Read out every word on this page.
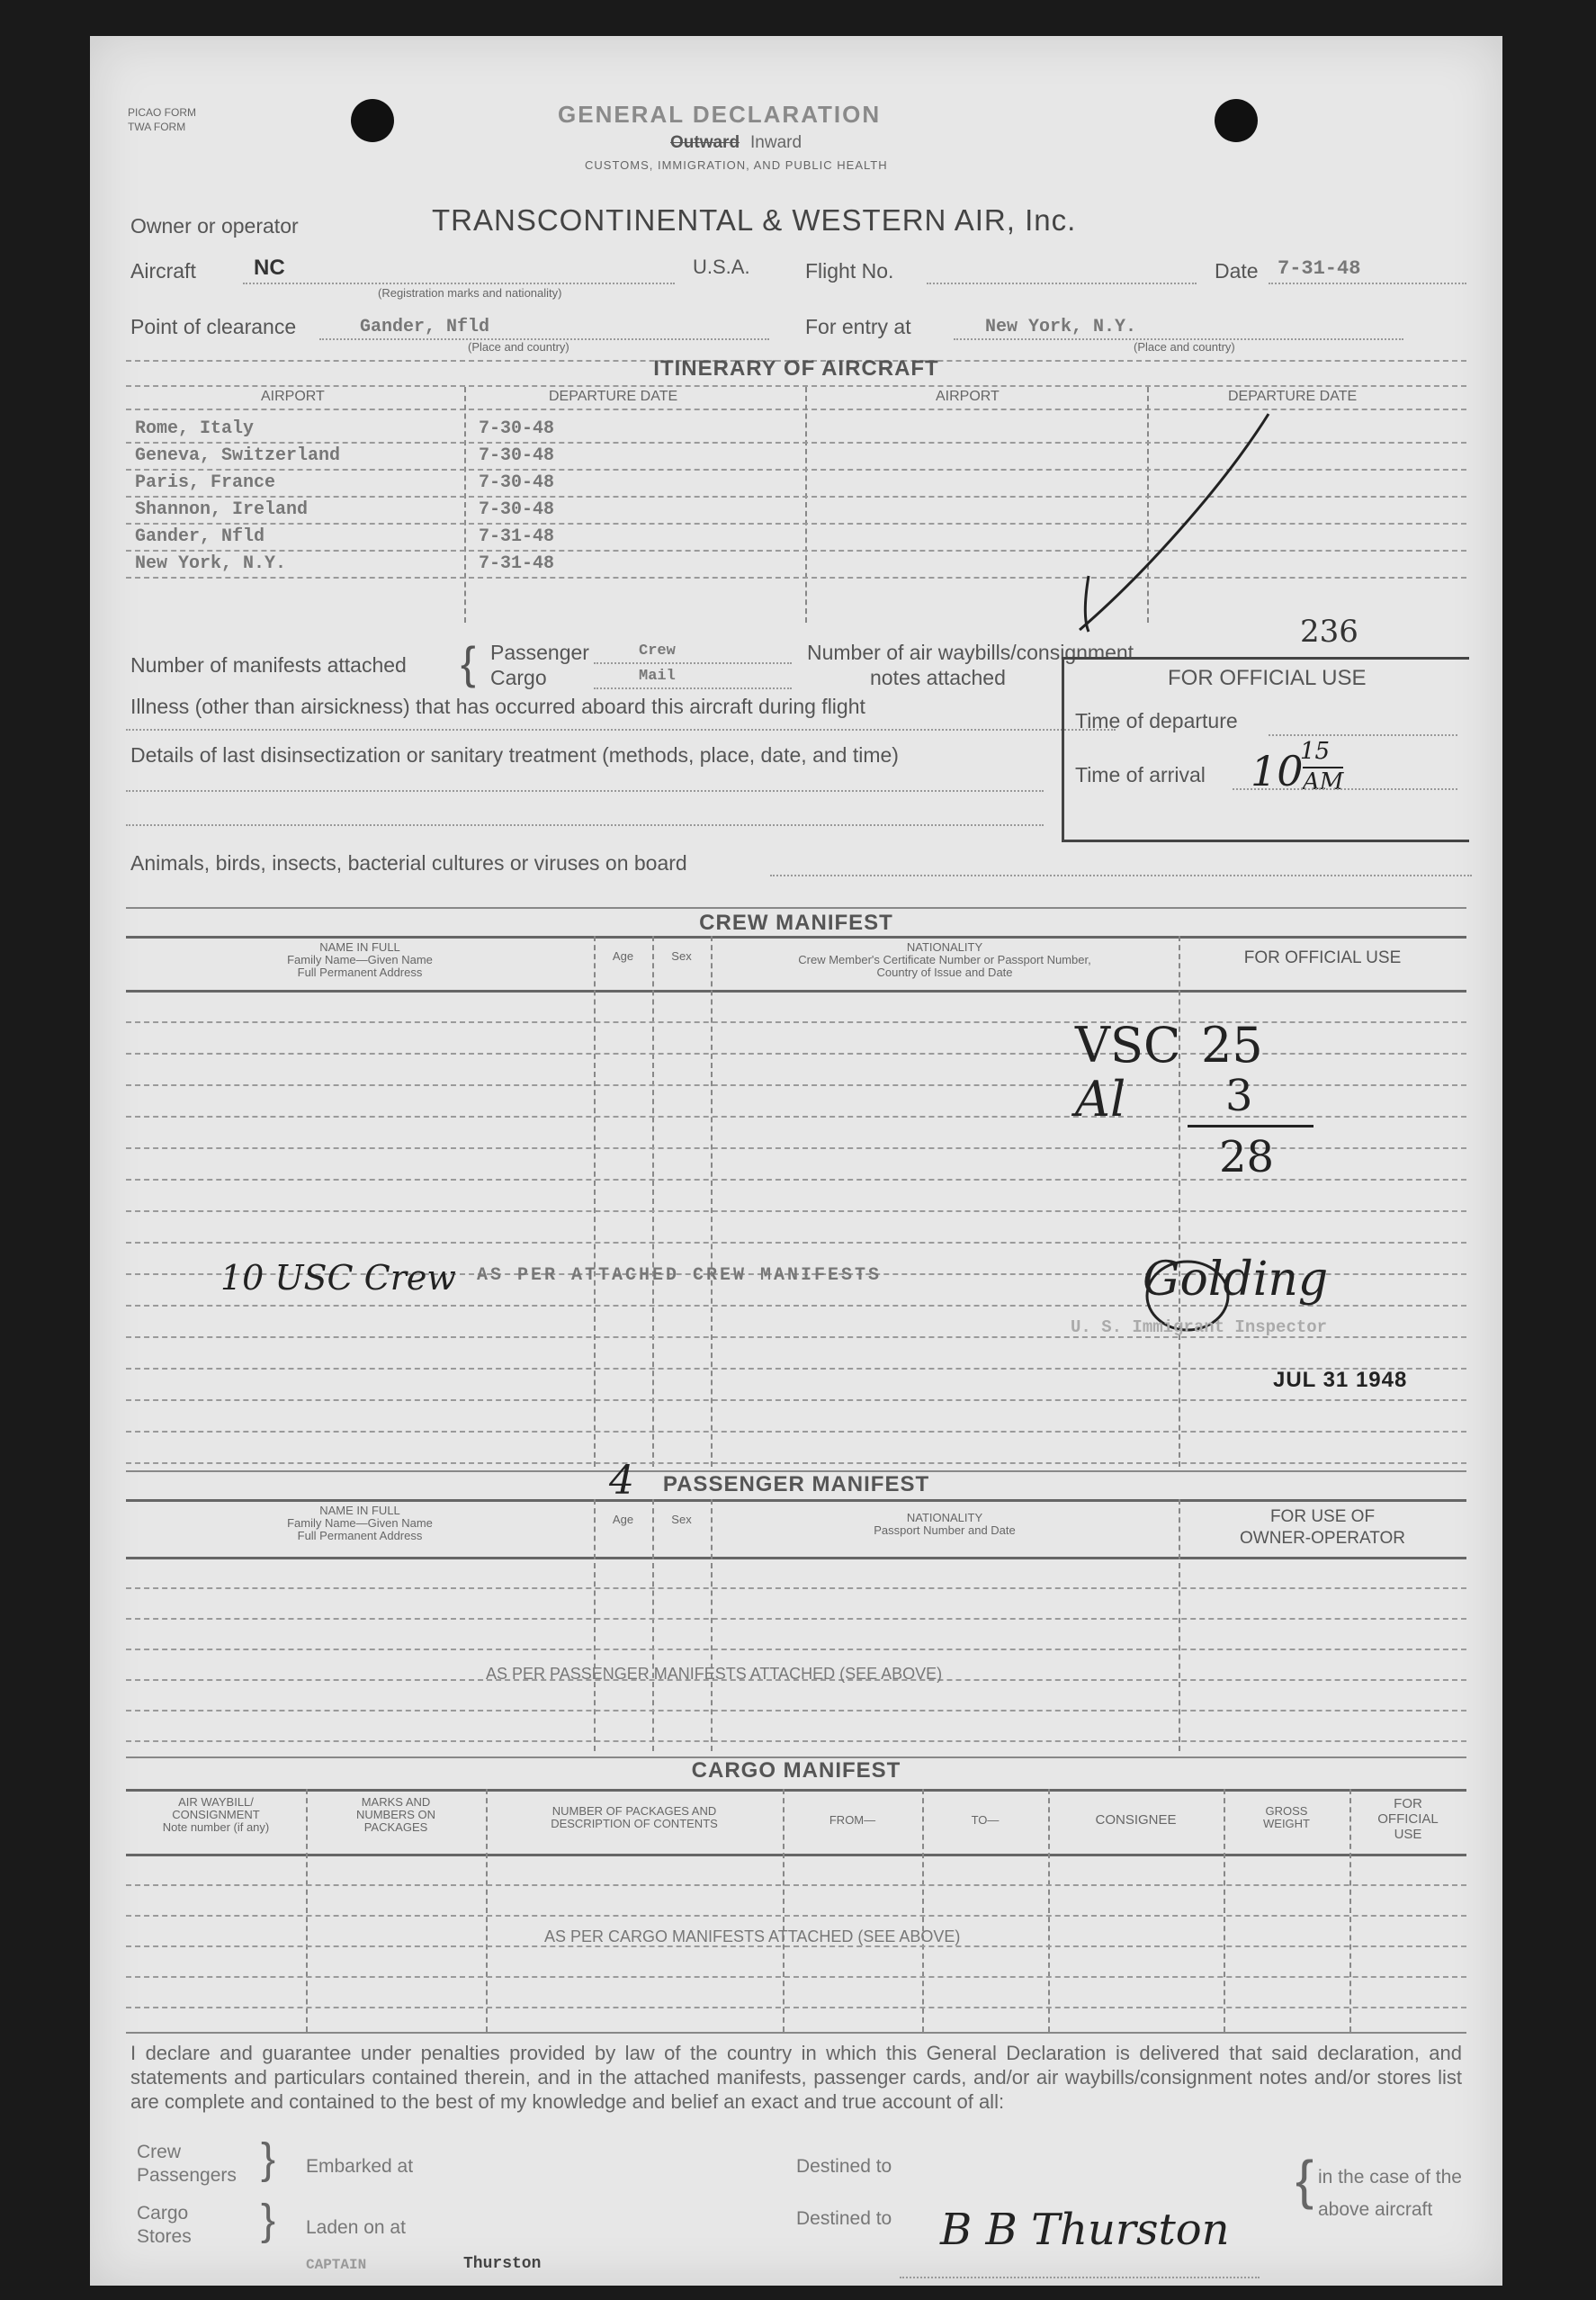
PICAO FORM
TWA FORM	GENERAL DECLARATION
Outward Inward
CUSTOMS, IMMIGRATION, AND PUBLIC HEALTH
Owner or operator	TRANSCONTINENTAL & WESTERN AIR, Inc.
Aircraft	NC
(Registration marks and nationality)
U.S.A.	Flight No.	Date 7-31-48
Point of clearance	Gander, Nfld
(Place and country)
For entry at	New York, N.Y.
(Place and country)
ITINERARY OF AIRCRAFT
AIRPORT	DEPARTURE DATE	AIRPORT	DEPARTURE DATE
Rome, Italy	7-30-48
Geneva, Switzerland	7-30-48
Paris, France	7-30-48
Shannon, Ireland	7-30-48
Gander, Nfld	7-31-48
New York, N.Y.	7-31-48
Number of manifests attached { Passenger	Crew
Cargo	Mail
Number of air waybills/consignment
notes attached
236
Illness (other than airsickness) that has occurred aboard this aircraft during flight
FOR OFFICIAL USE
Time of departure
Time of arrival 10
15
AM
Details of last disinsectization or sanitary treatment (methods, place, date, and time)
Animals, birds, insects, bacterial cultures or viruses on board
CREW MANIFEST
NAME IN FULL
Family Name—Given Name
Full Permanent Address
Age	Sex
NATIONALITY
Crew Member's Certificate Number or Passport Number,
Country of Issue and Date
FOR OFFICIAL USE
VSC 25
Al 3
28
10 USC Crew AS PER ATTACHED CREW MANIFESTS	Golding
U. S. Immigrant Inspector
JUL 31 1948
4	PASSENGER MANIFEST
NAME IN FULL
Family Name—Given Name
Full Permanent Address
Age	Sex	NATIONALITY
Passport Number and Date
FOR USE OF
OWNER-OPERATOR
AS PER PASSENGER MANIFESTS ATTACHED (SEE ABOVE)
CARGO MANIFEST
AIR WAYBILL/
CONSIGNMENT
Note number (if any)
MARKS AND
NUMBERS ON
PACKAGES
NUMBER OF PACKAGES AND
DESCRIPTION OF CONTENTS	FROM—	TO—	CONSIGNEE
GROSS
WEIGHT
FOR
OFFICIAL
USE
AS PER CARGO MANIFESTS ATTACHED (SEE ABOVE)
I declare and guarantee under penalties provided by law of the country in which this General Declaration is delivered that said declaration, and statements and particulars contained therein, and in the attached manifests, passenger cards, and/or air waybills/consignment notes and/or stores list are complete and contained to the best of my knowledge and belief an exact and true account of all:
Crew
Passengers } Embarked at
Cargo
Stores } Laden on at
Destined to
Destined to
{ in the case of the
above aircraft
CAPTAIN	Thurston
B B Thurston
